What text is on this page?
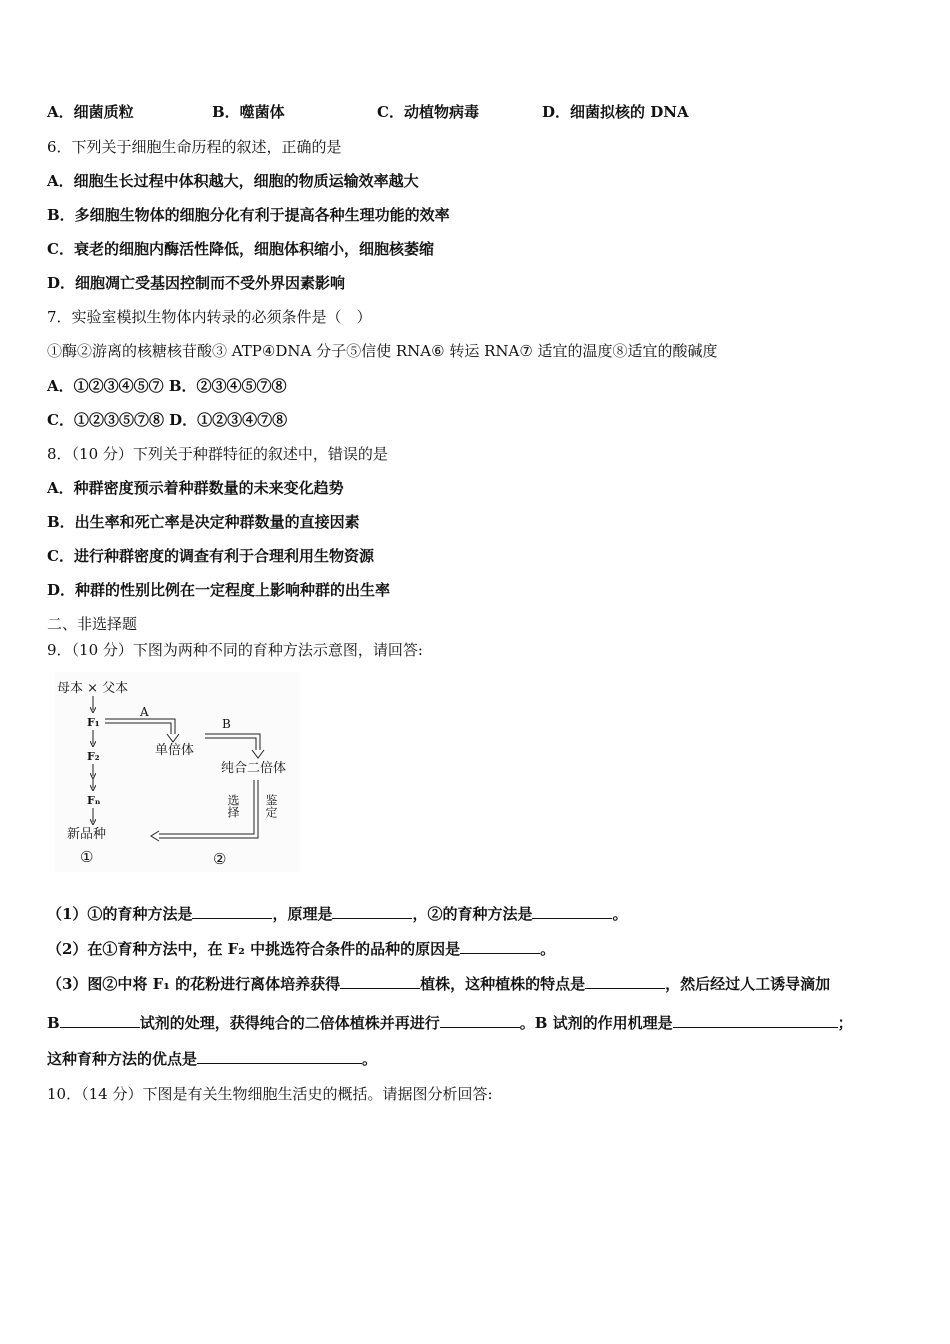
A．细菌质粒	B．噬菌体	C．动植物病毒	D．细菌拟核的 DNA
6．下列关于细胞生命历程的叙述，正确的是
A．细胞生长过程中体积越大，细胞的物质运输效率越大
B．多细胞生物体的细胞分化有利于提高各种生理功能的效率
C．衰老的细胞内酶活性降低，细胞体积缩小，细胞核萎缩
D．细胞凋亡受基因控制而不受外界因素影响
7．实验室模拟生物体内转录的必须条件是（　）
①酶②游离的核糖核苷酸③ ATP④DNA 分子⑤信使 RNA⑥ 转运 RNA⑦ 适宜的温度⑧适宜的酸碱度
A．①②③④⑤⑦ B．②③④⑤⑦⑧
C．①②③⑤⑦⑧ D．①②③④⑦⑧
8．（10 分）下列关于种群特征的叙述中，错误的是
A．种群密度预示着种群数量的未来变化趋势
B．出生率和死亡率是决定种群数量的直接因素
C．进行种群密度的调查有利于合理利用生物资源
D．种群的性别比例在一定程度上影响种群的出生率
二、非选择题
9．（10 分）下图为两种不同的育种方法示意图，请回答:
母本 × 父本
F₁
F₂
Fₙ
新品种
①
A
单倍体
B
纯合二倍体
选择 鉴定
②
（1）①的育种方法是	，原理是	，②的育种方法是	。
（2）在①育种方法中，在 F₂ 中挑选符合条件的品种的原因是	。
（3）图②中将 F₁ 的花粉进行离体培养获得	植株，这种植株的特点是	，然后经过人工诱导滴加
B	试剂的处理，获得纯合的二倍体植株并再进行	。B 试剂的作用机理是	；
这种育种方法的优点是	。
10．（14 分）下图是有关生物细胞生活史的概括。请据图分析回答:
